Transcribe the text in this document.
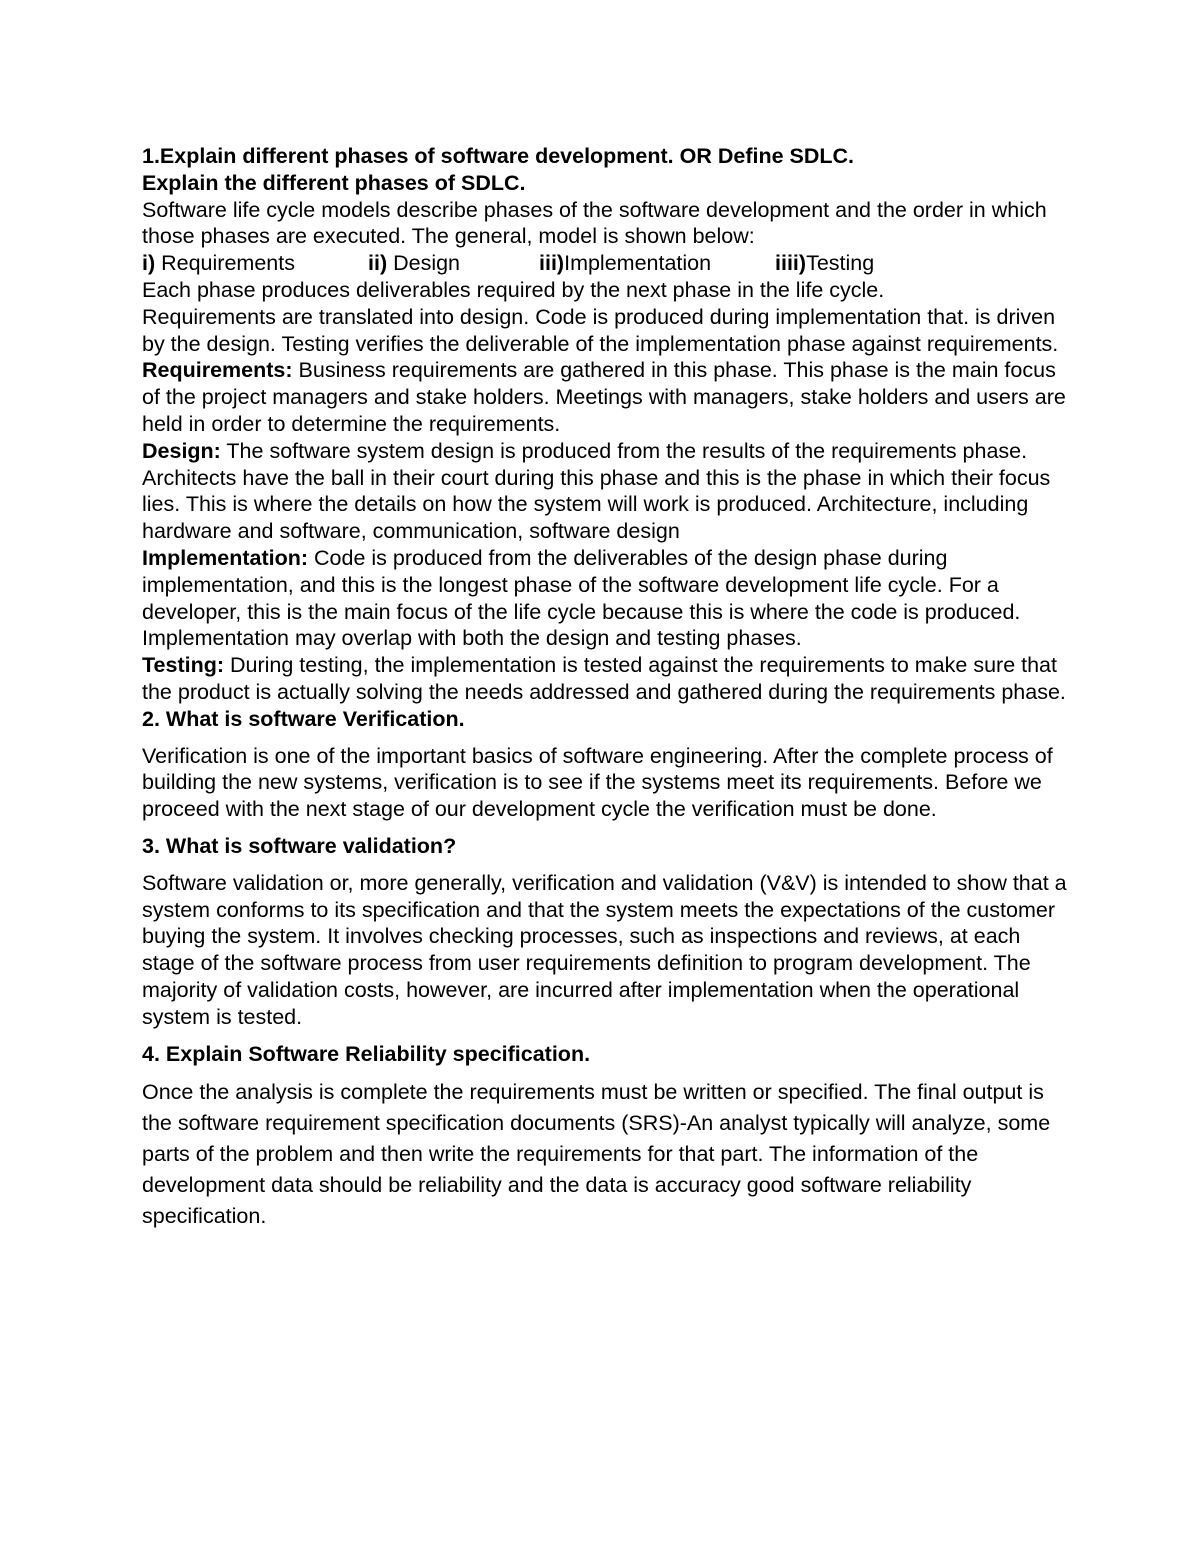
1.Explain different phases of software development. OR Define SDLC.

Explain the different phases of SDLC.

Software life cycle models describe phases of the software development and the order in which those phases are executed. The general, model is shown below:

i) Requirements	ii) Design	iii)Implementation	iiii)Testing

Each phase produces deliverables required by the next phase in the life cycle.

Requirements are translated into design. Code is produced during implementation that. is driven by the design. Testing verifies the deliverable of the implementation phase against requirements.

Requirements: Business requirements are gathered in this phase. This phase is the main focus of the project managers and stake holders. Meetings with managers, stake holders and users are held in order to determine the requirements.

Design: The software system design is produced from the results of the requirements phase. Architects have the ball in their court during this phase and this is the phase in which their focus lies. This is where the details on how the system will work is produced. Architecture, including hardware and software, communication, software design

Implementation: Code is produced from the deliverables of the design phase during implementation, and this is the longest phase of the software development life cycle. For a developer, this is the main focus of the life cycle because this is where the code is produced. Implementation may overlap with both the design and testing phases.

Testing: During testing, the implementation is tested against the requirements to make sure that the product is actually solving the needs addressed and gathered during the requirements phase.

2. What is software Verification.

Verification is one of the important basics of software engineering. After the complete process of building the new systems, verification is to see if the systems meet its requirements. Before we proceed with the next stage of our development cycle the verification must be done.

3. What is software validation?

Software validation or, more generally, verification and validation (V&V) is intended to show that a system conforms to its specification and that the system meets the expectations of the customer buying the system. It involves checking processes, such as inspections and reviews, at each stage of the software process from user requirements definition to program development. The majority of validation costs, however, are incurred after implementation when the operational system is tested.

4. Explain Software Reliability specification.

Once the analysis is complete the requirements must be written or specified. The final output is the software requirement specification documents (SRS)-An analyst typically will analyze, some parts of the problem and then write the requirements for that part. The information of the development data should be reliability and the data is accuracy good software reliability specification.
